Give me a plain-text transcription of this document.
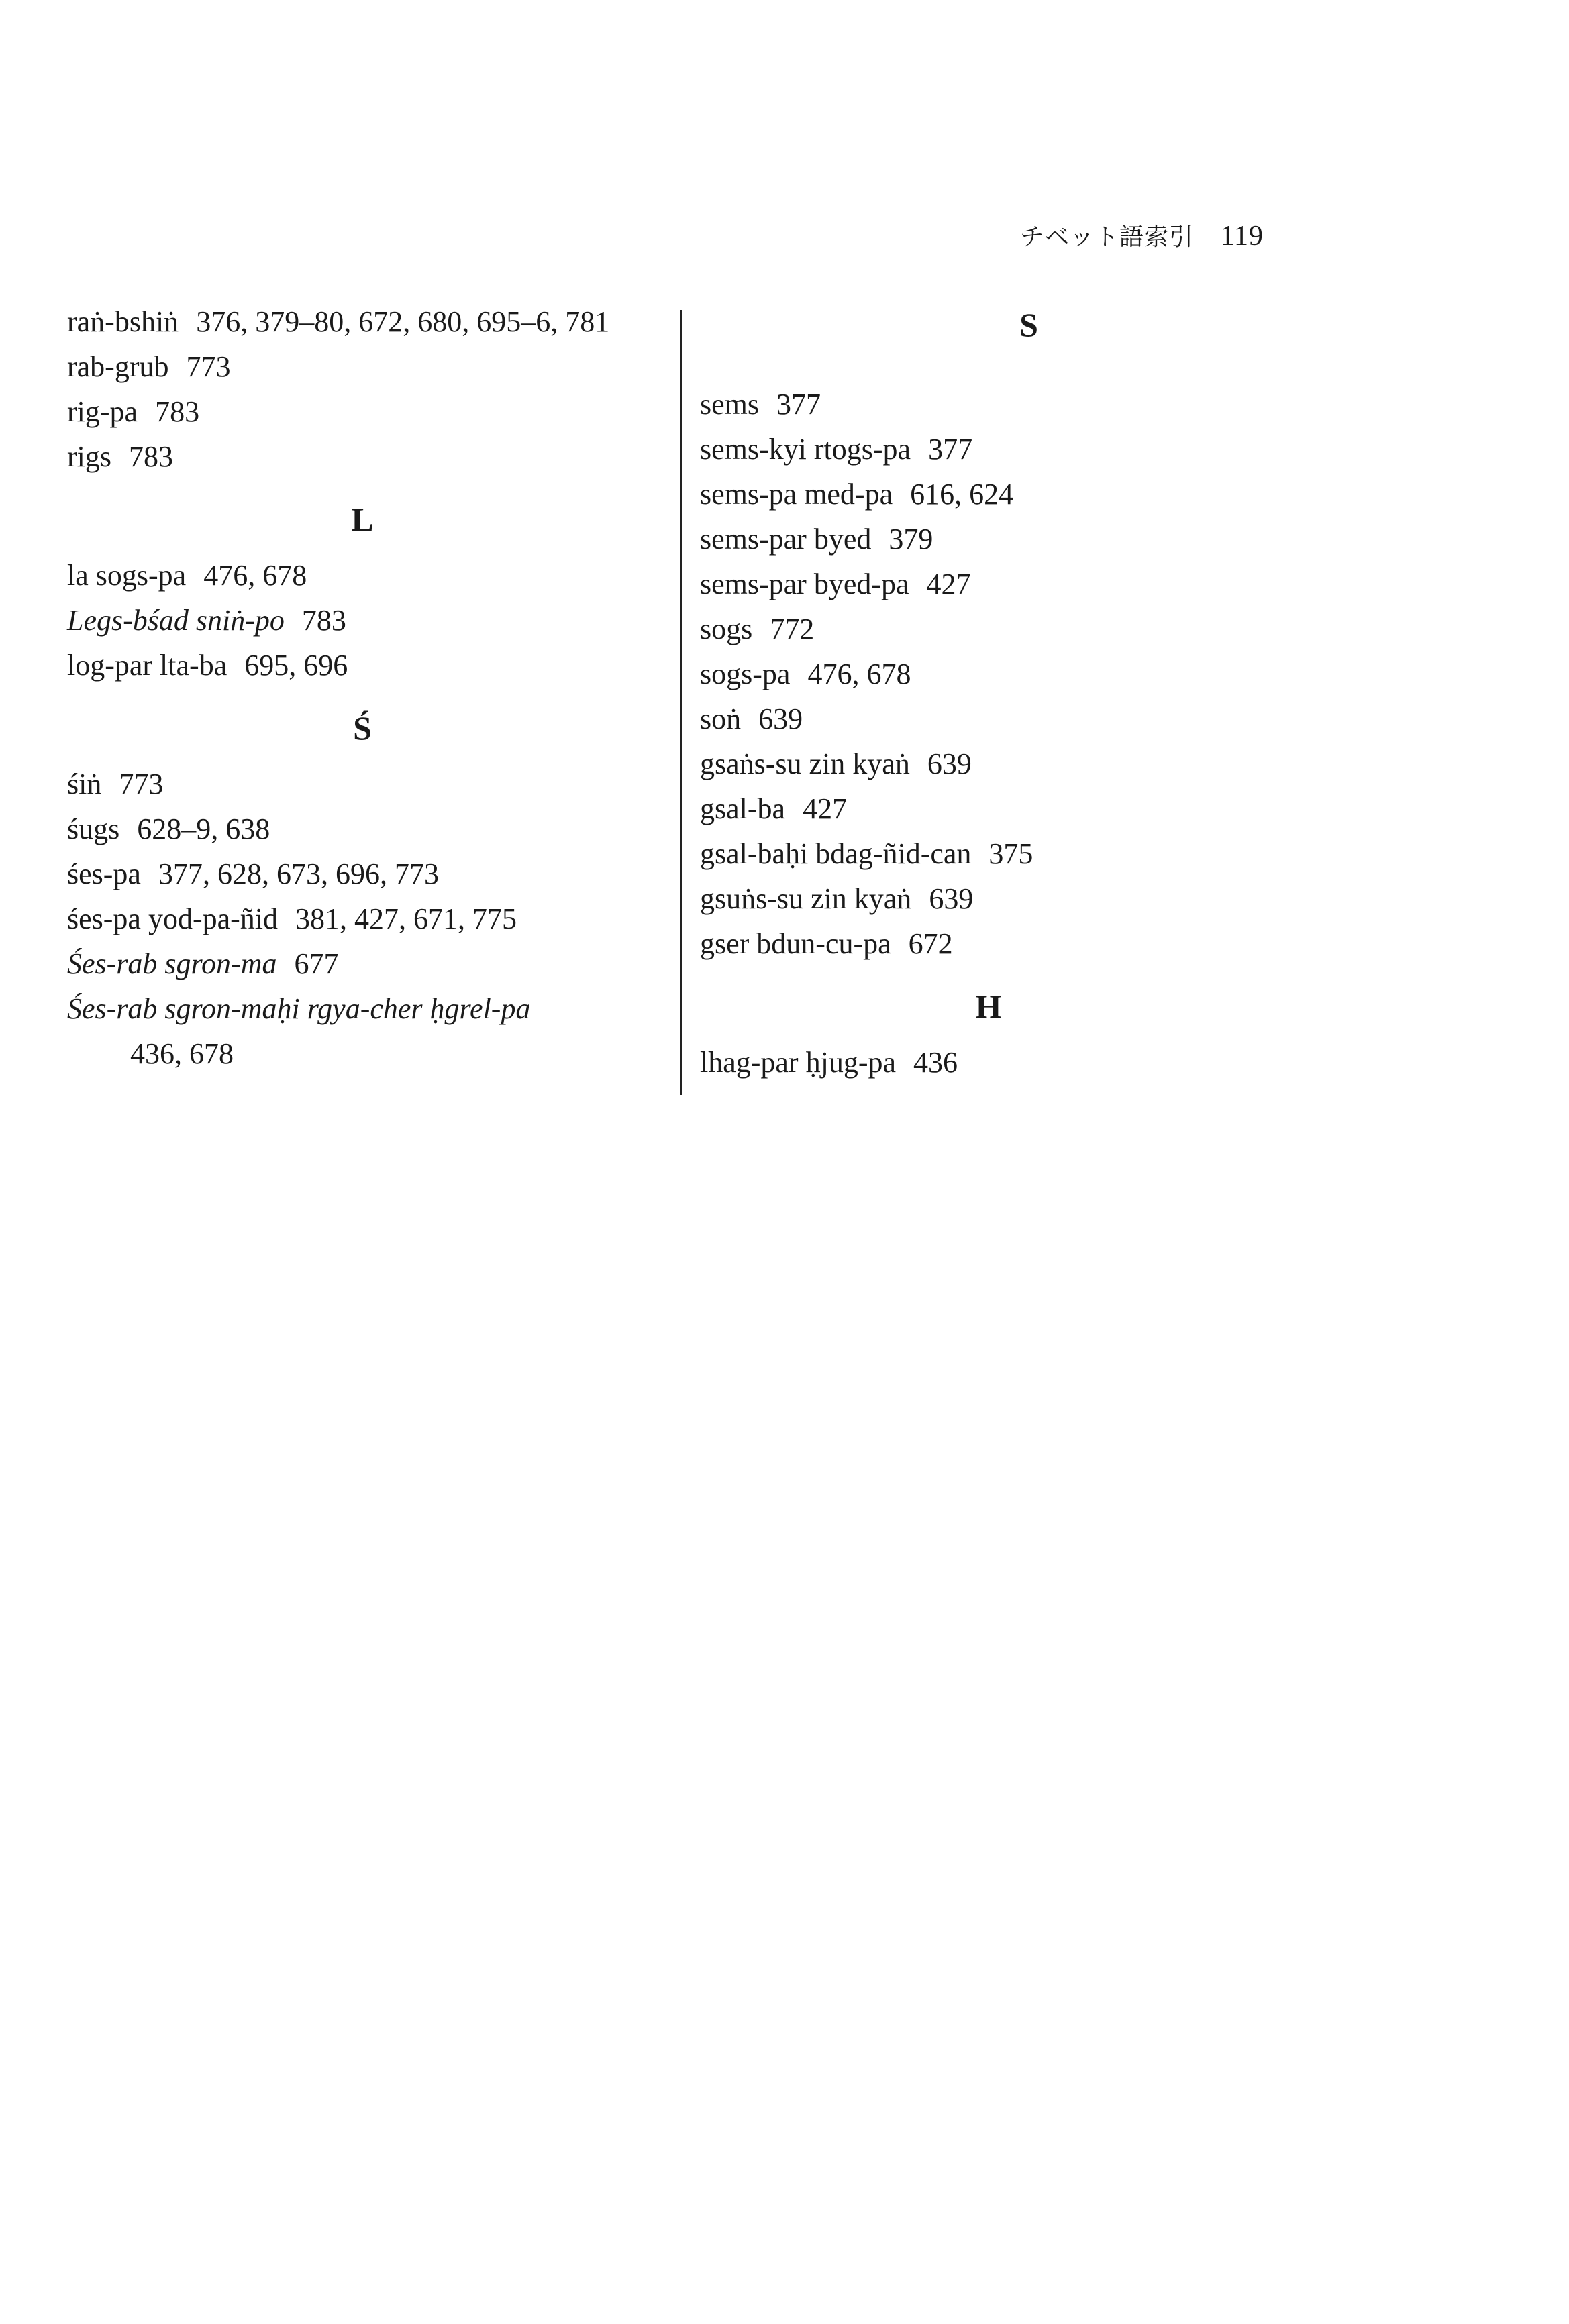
チベット語索引 119
raṅ-bshiṅ 376, 379–80, 672, 680, 695–6, 781
rab-grub 773
rig-pa 783
rigs 783
L
la sogs-pa 476, 678
Legs-bśad sniṅ-po 783
log-par lta-ba 695, 696
Ś
śiṅ 773
śugs 628–9, 638
śes-pa 377, 628, 673, 696, 773
śes-pa yod-pa-ñid 381, 427, 671, 775
Śes-rab sgron-ma 677
Śes-rab sgron-maḥi rgya-cher ḥgrel-pa
436, 678
S
sems 377
sems-kyi rtogs-pa 377
sems-pa med-pa 616, 624
sems-par byed 379
sems-par byed-pa 427
sogs 772
sogs-pa 476, 678
soṅ 639
gsaṅs-su zin kyaṅ 639
gsal-ba 427
gsal-baḥi bdag-ñid-can 375
gsuṅs-su zin kyaṅ 639
gser bdun-cu-pa 672
H
lhag-par ḥjug-pa 436
